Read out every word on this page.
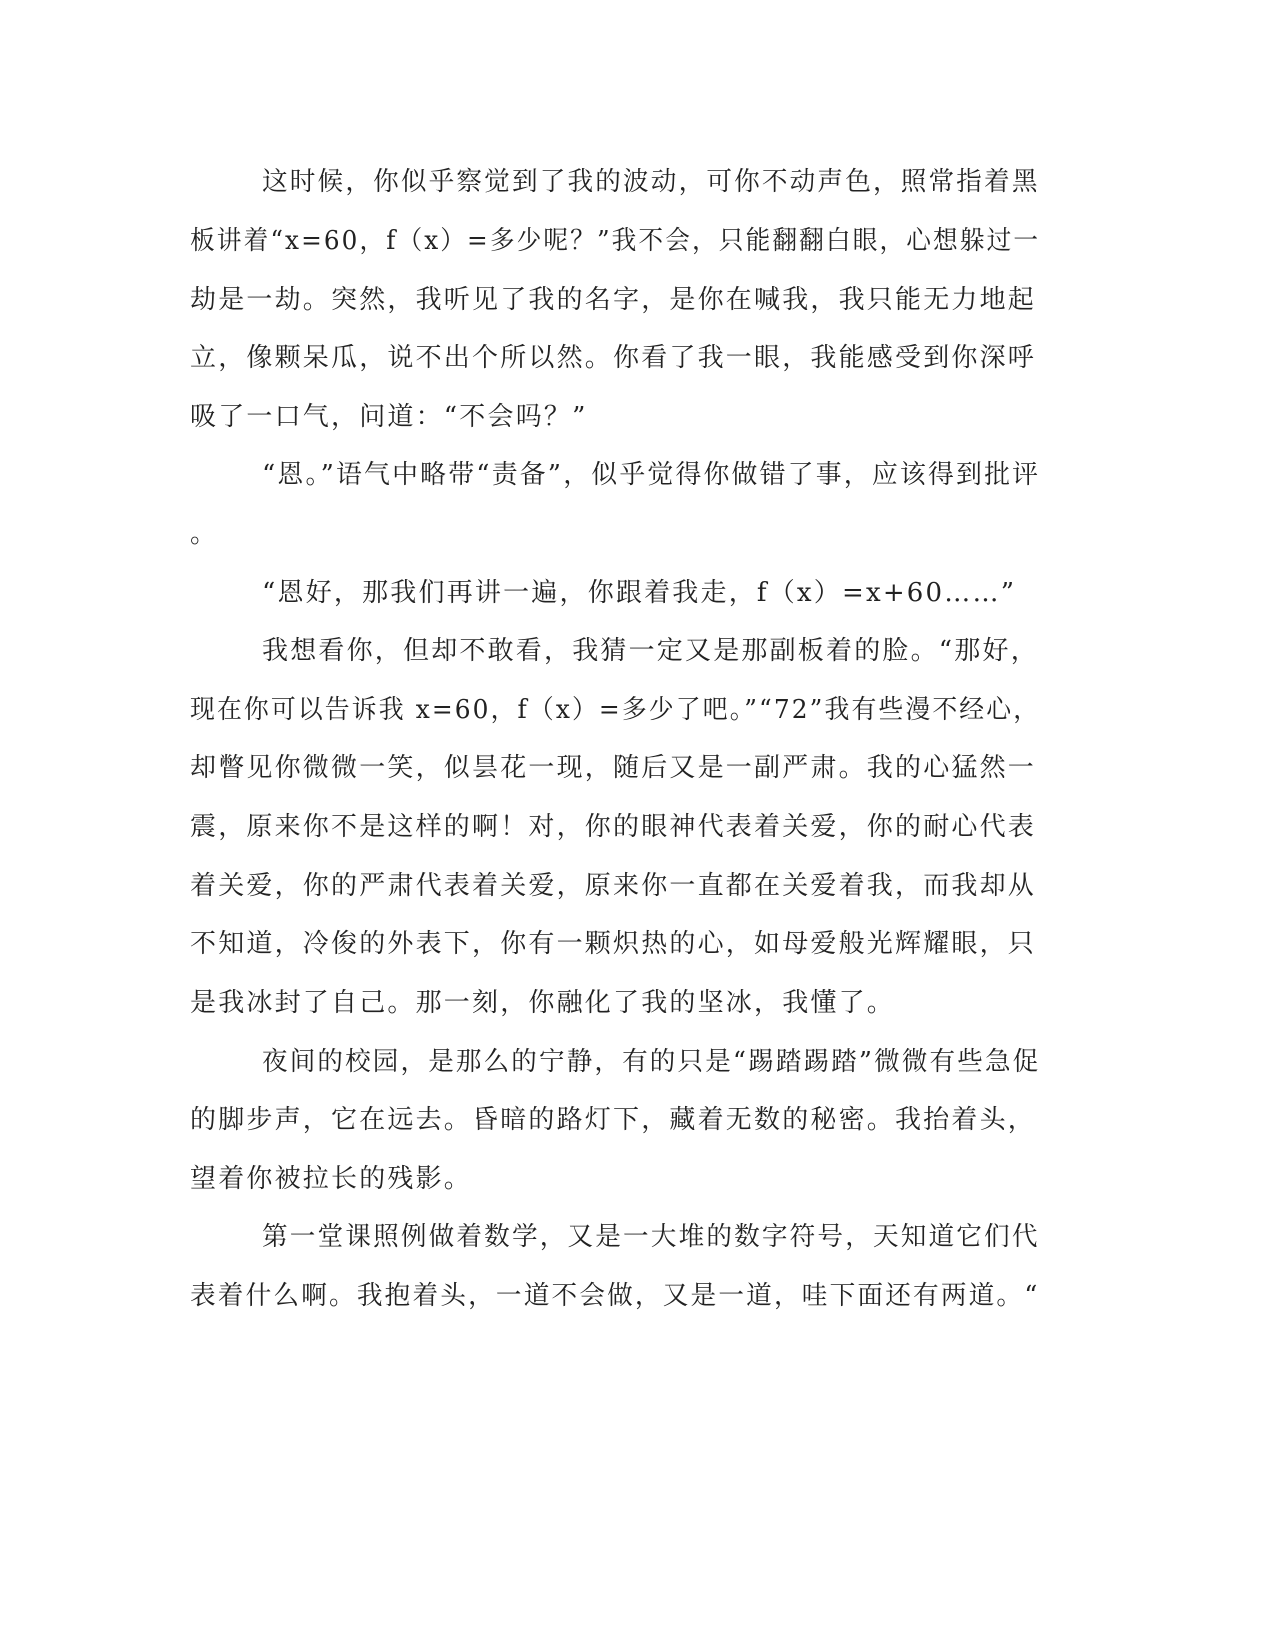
这时候，你似乎察觉到了我的波动，可你不动声色，照常指着黑
板讲着“x=60，f（x）=多少呢？”我不会，只能翻翻白眼，心想躲过一
劫是一劫。突然，我听见了我的名字，是你在喊我，我只能无力地起
立，像颗呆瓜，说不出个所以然。你看了我一眼，我能感受到你深呼
吸了一口气，问道：“不会吗？”
“恩。”语气中略带“责备”，似乎觉得你做错了事，应该得到批评
。
“恩好，那我们再讲一遍，你跟着我走，f（x）=x+60……”
我想看你，但却不敢看，我猜一定又是那副板着的脸。“那好，
现在你可以告诉我 x=60，f（x）=多少了吧。”“72”我有些漫不经心，
却瞥见你微微一笑，似昙花一现，随后又是一副严肃。我的心猛然一
震，原来你不是这样的啊！对，你的眼神代表着关爱，你的耐心代表
着关爱，你的严肃代表着关爱，原来你一直都在关爱着我，而我却从
不知道，冷俊的外表下，你有一颗炽热的心，如母爱般光辉耀眼，只
是我冰封了自己。那一刻，你融化了我的坚冰，我懂了。
夜间的校园，是那么的宁静，有的只是“踢踏踢踏”微微有些急促
的脚步声，它在远去。昏暗的路灯下，藏着无数的秘密。我抬着头，
望着你被拉长的残影。
第一堂课照例做着数学，又是一大堆的数字符号，天知道它们代
表着什么啊。我抱着头，一道不会做，又是一道，哇下面还有两道。“
